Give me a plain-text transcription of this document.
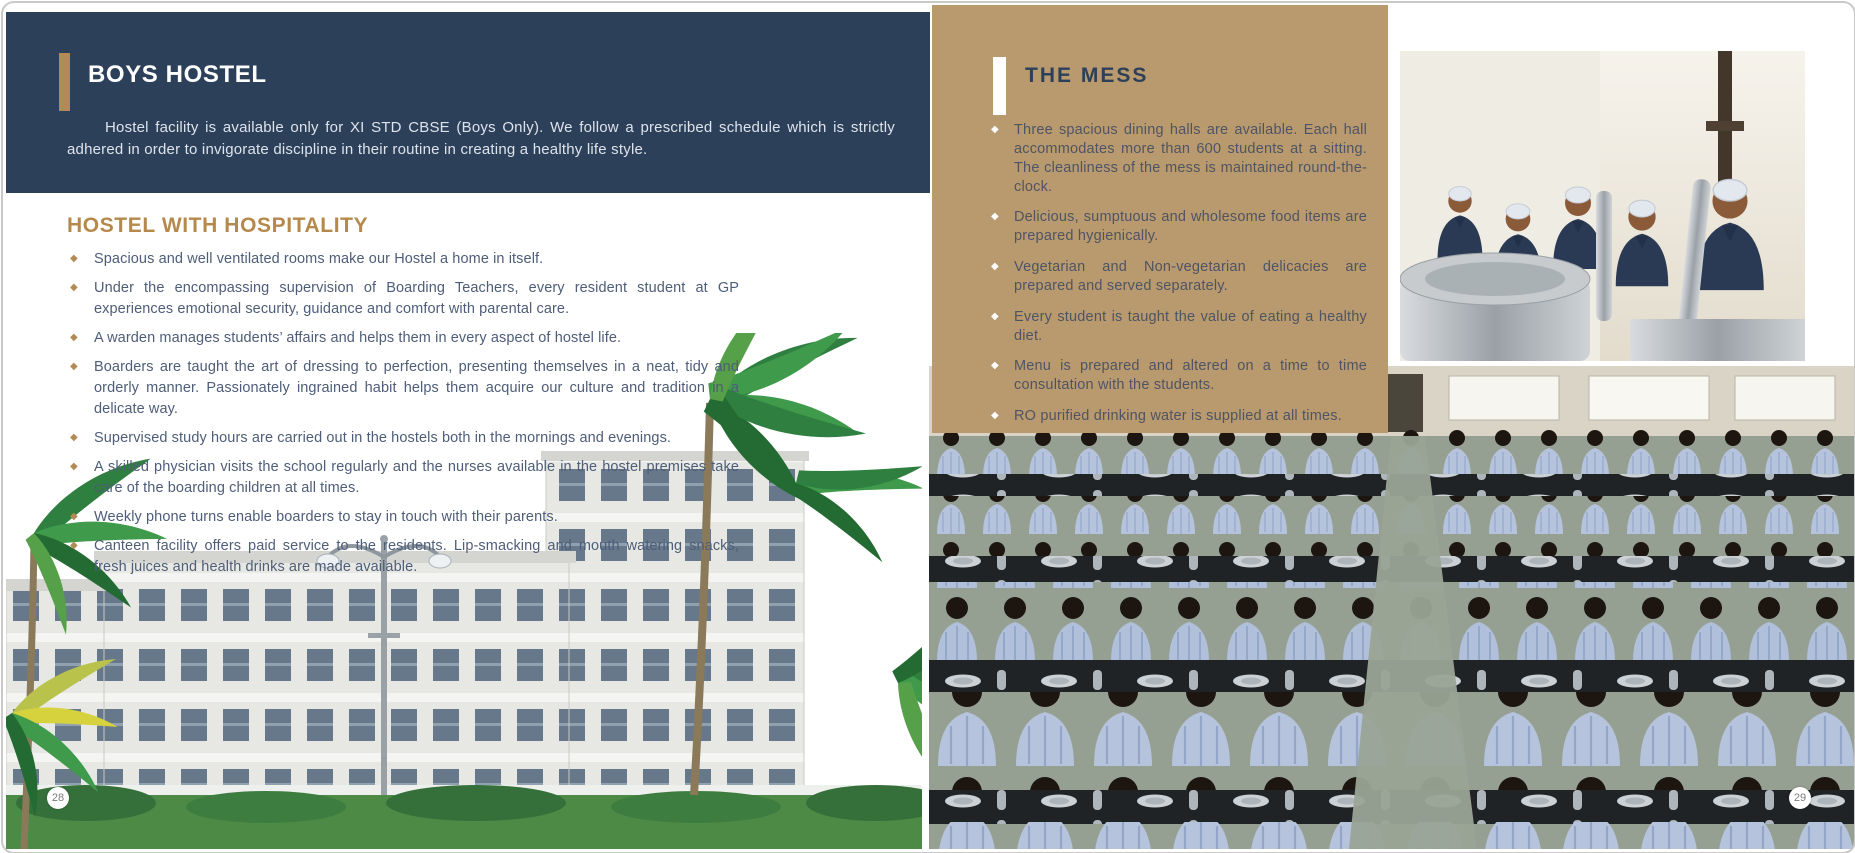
BOYS HOSTEL
Hostel facility is available only for XI STD CBSE (Boys Only). We follow a prescribed schedule which is strictly adhered in order to invigorate discipline in their routine in creating a healthy life style.
HOSTEL WITH HOSPITALITY
◆ Spacious and well ventilated rooms make our Hostel a home in itself.
◆ Under the encompassing supervision of Boarding Teachers, every resident student at GP experiences emotional security, guidance and comfort with parental care.
◆ A warden manages students’ affairs and helps them in every aspect of hostel life.
◆ Boarders are taught the art of dressing to perfection, presenting themselves in a neat, tidy and orderly manner. Passionately ingrained habit helps them acquire our culture and tradition in a delicate way.
◆ Supervised study hours are carried out in the hostels both in the mornings and evenings.
◆ A skilled physician visits the school regularly and the nurses available in the hostel premises take care of the boarding children at all times.
◆ Weekly phone turns enable boarders to stay in touch with their parents.
◆ Canteen facility offers paid service to the residents. Lip-smacking and mouth watering snacks, fresh juices and health drinks are made available.
28
THE MESS
◆ Three spacious dining halls are available. Each hall accommodates more than 600 students at a sitting. The cleanliness of the mess is maintained round-the-clock.
◆ Delicious, sumptuous and wholesome food items are prepared hygienically.
◆ Vegetarian and Non-vegetarian delicacies are prepared and served separately.
◆ Every student is taught the value of eating a healthy diet.
◆ Menu is prepared and altered on a time to time consultation with the students.
◆ RO purified drinking water is supplied at all times.
29
